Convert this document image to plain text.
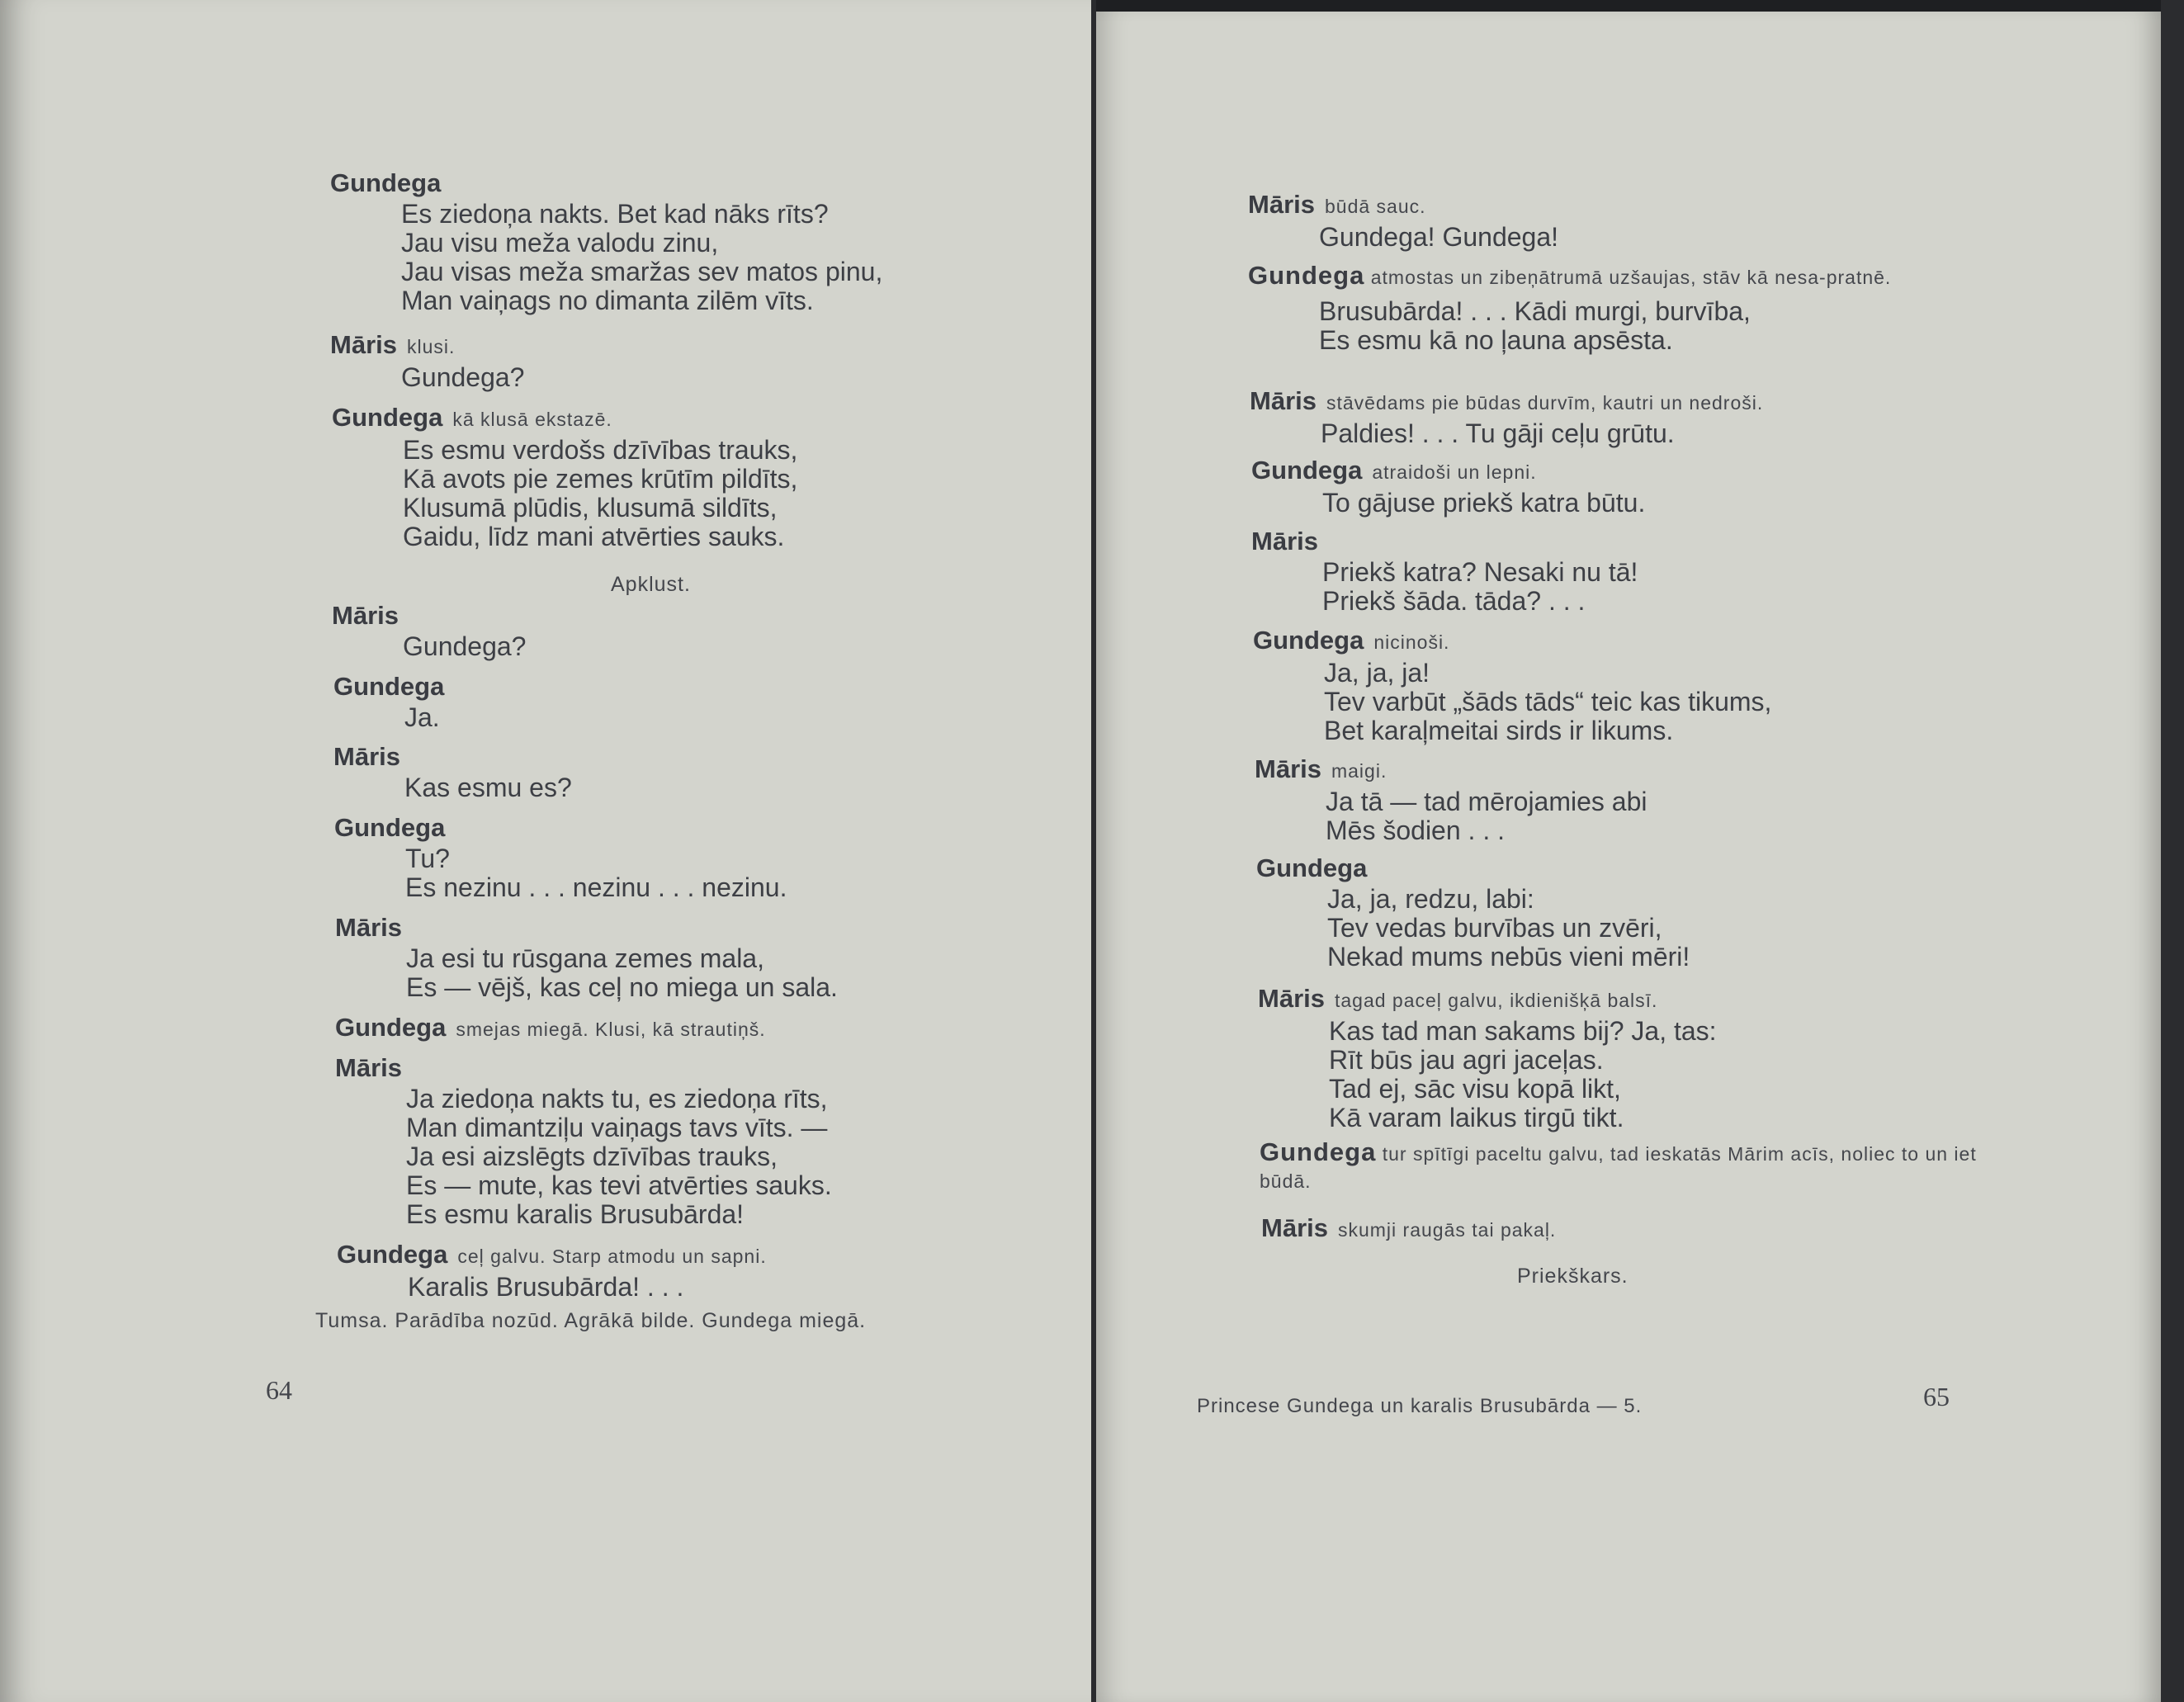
Gundega
Es ziedoņa nakts. Bet kad nāks rīts?
Jau visu meža valodu zinu,
Jau visas meža smaržas sev matos pinu,
Man vaiņags no dimanta zilēm vīts.
Māris klusi.
Gundega?
Gundega kā klusā ekstazē.
Es esmu verdošs dzīvības trauks,
Kā avots pie zemes krūtīm pildīts,
Klusumā plūdis, klusumā sildīts,
Gaidu, līdz mani atvērties sauks.
Apklust.
Māris
Gundega?
Gundega
Ja.
Māris
Kas esmu es?
Gundega
Tu?
Es nezinu . . . nezinu . . . nezinu.
Māris
Ja esi tu rūsgana zemes mala,
Es — vējš, kas ceļ no miega un sala.
Gundega smejas miegā. Klusi, kā strautiņš.
Māris
Ja ziedoņa nakts tu, es ziedoņa rīts,
Man dimantziļu vaiņags tavs vīts. —
Ja esi aizslēgts dzīvības trauks,
Es — mute, kas tevi atvērties sauks.
Es esmu karalis Brusubārda!
Gundega ceļ galvu. Starp atmodu un sapni.
Karalis Brusubārda! . . .
Tumsa. Parādība nozūd. Agrākā bilde. Gundega miegā.
64
Māris būdā sauc.
Gundega! Gundega!
Gundega atmostas un zibeņātrumā uzšaujas, stāv kā nesa-pratnē.
Brusubārda! . . . Kādi murgi, burvība,
Es esmu kā no ļauna apsēsta.
Māris stāvēdams pie būdas durvīm, kautri un nedroši.
Paldies! . . . Tu gāji ceļu grūtu.
Gundega atraidoši un lepni.
To gājuse priekš katra būtu.
Māris
Priekš katra? Nesaki nu tā!
Priekš šāda. tāda? . . .
Gundega nicinoši.
Ja, ja, ja!
Tev varbūt „šāds tāds“ teic kas tikums,
Bet karaļmeitai sirds ir likums.
Māris maigi.
Ja tā — tad mērojamies abi
Mēs šodien . . .
Gundega
Ja, ja, redzu, labi:
Tev vedas burvības un zvēri,
Nekad mums nebūs vieni mēri!
Māris tagad paceļ galvu, ikdienišķā balsī.
Kas tad man sakams bij? Ja, tas:
Rīt būs jau agri jaceļas.
Tad ej, sāc visu kopā likt,
Kā varam laikus tirgū tikt.
Gundega tur spītīgi paceltu galvu, tad ieskatās Mārim acīs, noliec to un iet būdā.
Māris skumji raugās tai pakaļ.
Priekškars.
Princese Gundega un karalis Brusubārda — 5.	65
